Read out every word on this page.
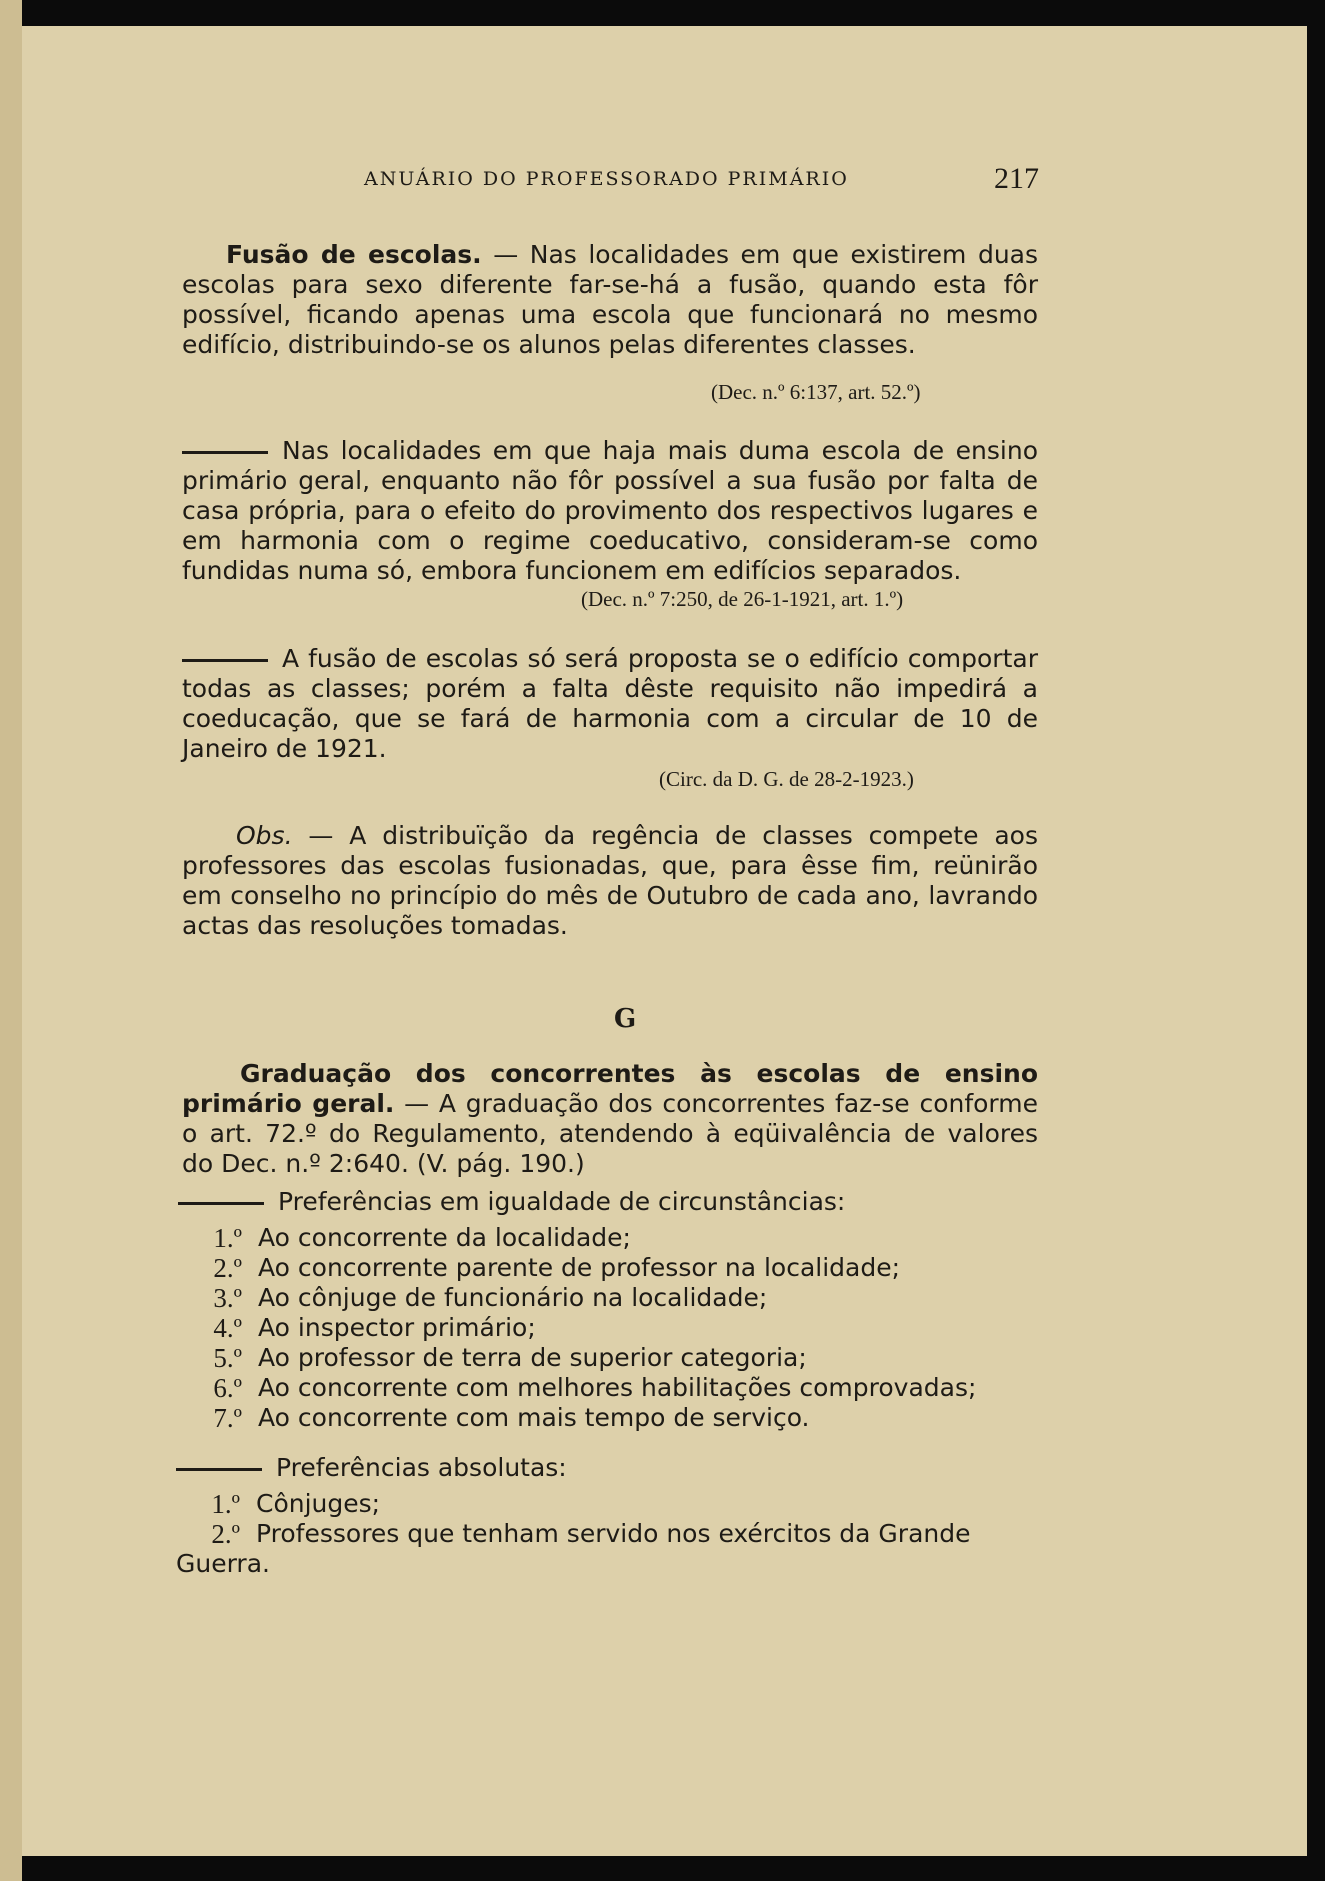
ANUÁRIO DO PROFESSORADO PRIMÁRIO	217
Fusão de escolas. — Nas localidades em que existirem duas escolas para sexo diferente far-se-há a fusão, quando esta fôr possível, ficando apenas uma escola que funcionará no mesmo edifício, distribuindo-se os alunos pelas diferentes classes.
(Dec. n.º 6:137, art. 52.º)
Nas localidades em que haja mais duma escola de ensino primário geral, enquanto não fôr possível a sua fusão por falta de casa própria, para o efeito do provimento dos respectivos lugares e em harmonia com o regime coeducativo, consideram-se como fundidas numa só, embora funcionem em edifícios separados.
(Dec. n.º 7:250, de 26-1-1921, art. 1.º)
A fusão de escolas só será proposta se o edifício comportar todas as classes; porém a falta dêste requisito não impedirá a coeducação, que se fará de harmonia com a circular de 10 de Janeiro de 1921.
(Circ. da D. G. de 28-2-1923.)
Obs. — A distribuïção da regência de classes compete aos professores das escolas fusionadas, que, para êsse fim, reünirão em conselho no princípio do mês de Outubro de cada ano, lavrando actas das resoluções tomadas.
G
Graduação dos concorrentes às escolas de ensino primário geral. — A graduação dos concorrentes faz-se conforme o art. 72.º do Regulamento, atendendo à eqüivalência de valores do Dec. n.º 2:640. (V. pág. 190.)
Preferências em igualdade de circunstâncias:
1.º Ao concorrente da localidade;
2.º Ao concorrente parente de professor na localidade;
3.º Ao cônjuge de funcionário na localidade;
4.º Ao inspector primário;
5.º Ao professor de terra de superior categoria;
6.º Ao concorrente com melhores habilitações comprovadas;
7.º Ao concorrente com mais tempo de serviço.
Preferências absolutas:
1.º Cônjuges;
2.º Professores que tenham servido nos exércitos da Grande
Guerra.
